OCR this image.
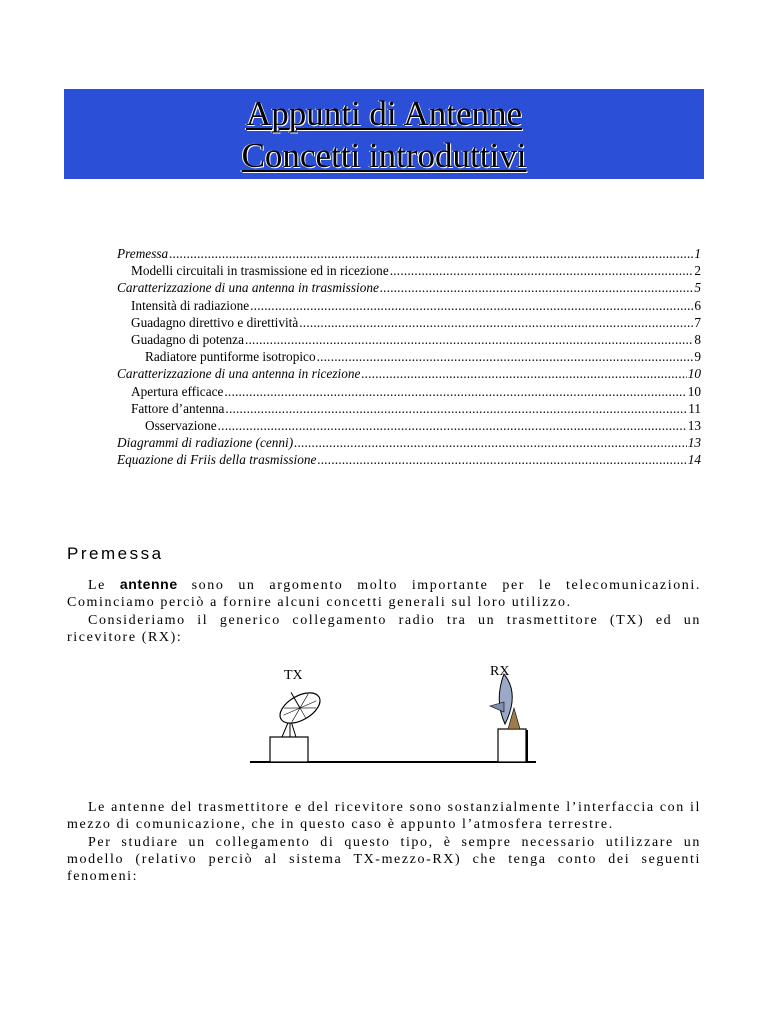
Appunti di Antenne
Concetti introduttivi
Premessa .....	1
Modelli circuitali in trasmissione ed in ricezione .....	2
Caratterizzazione di una antenna in trasmissione .....	5
Intensità di radiazione .....	6
Guadagno direttivo e direttività .....	7
Guadagno di potenza .....	8
Radiatore puntiforme isotropico .....	9
Caratterizzazione di una antenna in ricezione .....	10
Apertura efficace .....	10
Fattore d’antenna .....	11
Osservazione .....	13
Diagrammi di radiazione (cenni) .....	13
Equazione di Friis della trasmissione .....	14
Premessa

Le antenne sono un argomento molto importante per le telecomunicazioni. Cominciamo perciò a fornire alcuni concetti generali sul loro utilizzo.

Consideriamo il generico collegamento radio tra un trasmettitore (TX) ed un ricevitore (RX):

TX	RX

Le antenne del trasmettitore e del ricevitore sono sostanzialmente l’interfaccia con il mezzo di comunicazione, che in questo caso è appunto l’atmosfera terrestre.

Per studiare un collegamento di questo tipo, è sempre necessario utilizzare un modello (relativo perciò al sistema TX-mezzo-RX) che tenga conto dei seguenti fenomeni:
